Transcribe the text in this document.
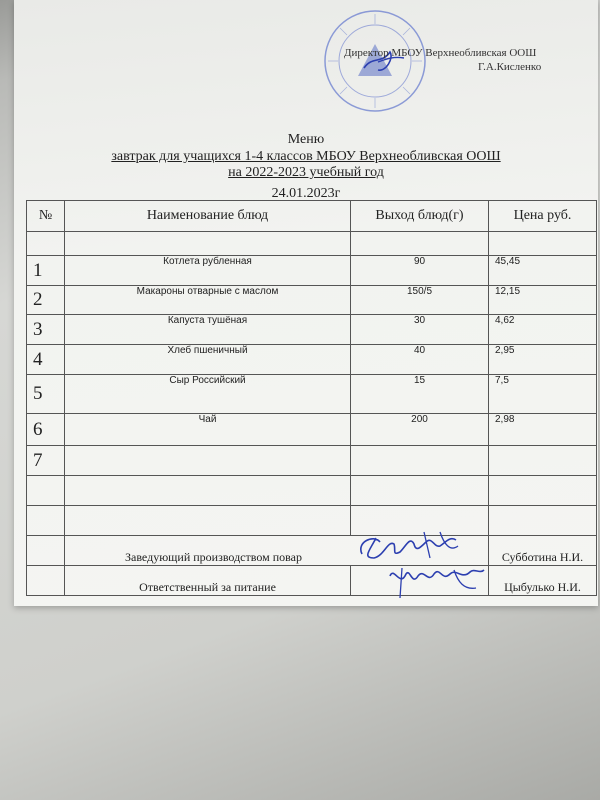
Директор МБОУ Верхнеобливская ООШ
Г.А.Кисленко
Меню
завтрак для учащихся 1-4 классов МБОУ Верхнеобливская ООШ
на 2022-2023 учебный год
24.01.2023г
№	Наименование блюд	Выход блюд(г)	Цена руб.

1	Котлета рубленная	90	45,45
2	Макароны отварные с маслом	150/5	12,15
3	Капуста тушёная	30	4,62
4	Хлеб пшеничный	40	2,95
5	Сыр Российский	15	7,5
6	Чай	200	2,98
7			

	Заведующий производством повар		Субботина Н.И.
	Ответственный за питание		Цыбулько Н.И.
